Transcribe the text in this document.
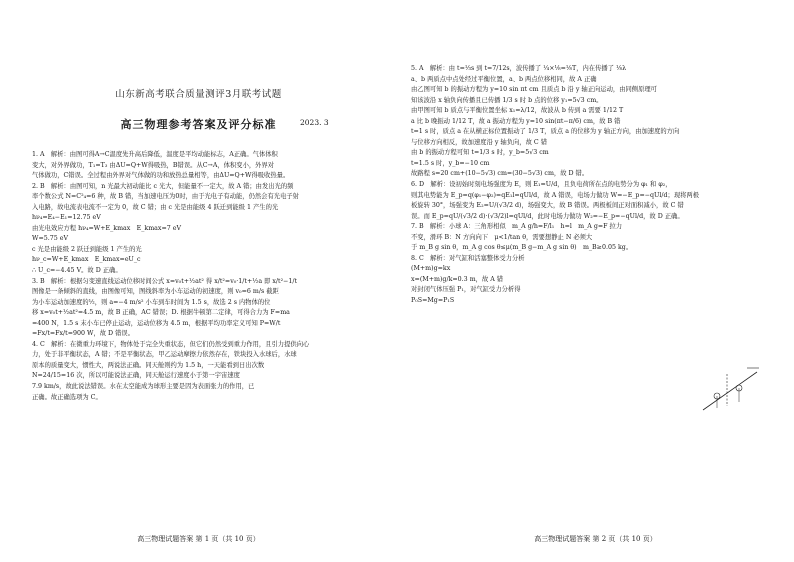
山东新高考联合质量测评3月联考试题
高三物理参考答案及评分标准	2023. 3
1. A　解析：由图可得A→C温度先升高后降低，温度是平均动能标志，A正确。气体体积
变大，对外界做功，T₁=T₃ 由ΔU=Q+W得吸热，B错误。从C→A，体积变小，外界对
气体做功，C错误。全过程由外界对气体做的功和放热总量相等，由ΔU=Q+W得吸收热量。
2. B　解析：由图可知，n 光最大初动能比 c 光大，但能量不一定大，故 A 错；由发出光的频
率个数公式 N=C²₄=6 种，故 B 错，当加速电压为0时，由于光电子有动能，仍然会有光电子射
入电路，故电流表电流不一定为 0，故 C 错；由 c 光是由能级 4 跃迁到能级 1 产生的光
hν₄=E₄−E₁=12.75 eV
由光电效应方程 hν₄=W+E_kmax　E_kmax=7 eV
W=5.75 eV
c 光是由能级 2 跃迁到能级 1 产生的光
hν_c=W+E_kmax　E_kmax=eU_c
∴ U_c=−4.45 V。故 D 正确。
3. B　解析：根据匀变速直线运动位移时间公式 x=v₀t+½at² 得 x/t²=v₀·1/t+½a 即 x/t²−1/t
图像是一条倾斜的直线，由图像可知，图线斜率为小车运动的初速度，则 v₀=6 m/s 截距
为小车运动加速度的½，则 a=−4 m/s² 小车到车时间为 1.5 s，故选 2 s 内物体的位
移 x=v₀t+½at²=4.5 m，故 B 正确，AC 错误；D. 根据牛顿第二定律，可得合力为 F=ma
=400 N，1.5 s 末小车已停止运动，运动位移为 4.5 m，根据平均功率定义可知 P=W/t
=Fx/t=Fx/t=900 W，故 D 错误。
4. C　解析：在微重力环境下，物体处于完全失重状态，但它们仍然受到重力作用，且引力提供向心
力，处于非平衡状态，A 错；不是平衡状态，甲乙运动摩擦力依然存在，铁块投入水球后，水球
原本的质量变大，惯性大，两说法正确。同天舱则约为 1.5 h，一天能看到日出次数
N=24/15=16 次，所以可能说法正确，同天舱运行速度小于第一宇宙速度
7.9 km/s，故此说法错误。水在太空能成为球形主要是因为表面张力的作用，已
正确。故正确选项为 C。
高三物理试题答案 第 1 页（共 10 页）
5. A　解析：由 t=⅓s 到 t=7/12s，波传播了 ¼×⅛=⅛T，内在传播了 ⅛λ
a、b 两质点中点处经过平衡位置，a、b 两点位移相同，故 A 正确
由乙图可知 b 的振动方程为 y=10 sin πt cm 且质点 b 沿 y 轴正向运动，由同侧原理可
知该波沿 x 轴负向传播且已传播 1/3 s 时 b 点的位移 y₁=5√3 cm。
由甲图可知 b 质点与平衡位置坐标 x₁=λ/12，故波从 b 传到 a 需要 1/12 T
a 比 b 晚振动 1/12 T，故 a 振动方程为 y=10 sin(πt−π/6) cm，故 B 错
t=1 s 时，质点 a 在从横正标位置振动了 1/3 T，质点 a 的位移为 y 轴正方向，由加速度的方向
与位移方向相反，故加速度沿 y 轴负向，故 C 错
由 b 的振动方程可知 t=1/3 s 时，y_b=5√3 cm
t=1.5 s 时，y_b=−10 cm
故路程 s=20 cm+(10−5√3) cm=(30−5√3) cm，故 D 错。
6. D　解析：设初始时刻电场强度为 E，则 E₁=U/d，且负电荷所在点的电势分为 φ₁ 和 φ₂，
则其电势能为 E_p=q(φ₁−φ₂)=qE₁l=qUl/d，故 A 错误，电场力做功 W=−E_p=−qUl/d；现将两极
板旋转 30°，场强变为 E₂=U/(√3/2 d)，场强变大，故 B 错误。两极板间正对面积减小，故 C 错
误。而 E_p=qU/(√3/2 d)·(√3/2)l=qUl/d，此时电场力做功 W₂=−E_p=−qUl/d，故 D 正确。
7. B　解析：小球 A：三角形相似　m_A g/h=F/l₁　h=l　m_A g=F 拉力
不变，滑环 B：N 方向向下　μ<1/tan θ，需要想静止 N 必须大
于 m_B g sin θ，m_A g cos θ≤μ(m_B g−m_A g sin θ)　m_B≥0.05 kg。
8. C　解析：对气缸和活塞整体受力分析
(M+m)g=kx
x=(M+m)g/k=0.3 m，故 A 错
对封闭气体压强 P₁，对气缸受力分析得
P₀S=Mg=P₁S
高三物理试题答案 第 2 页（共 10 页）
